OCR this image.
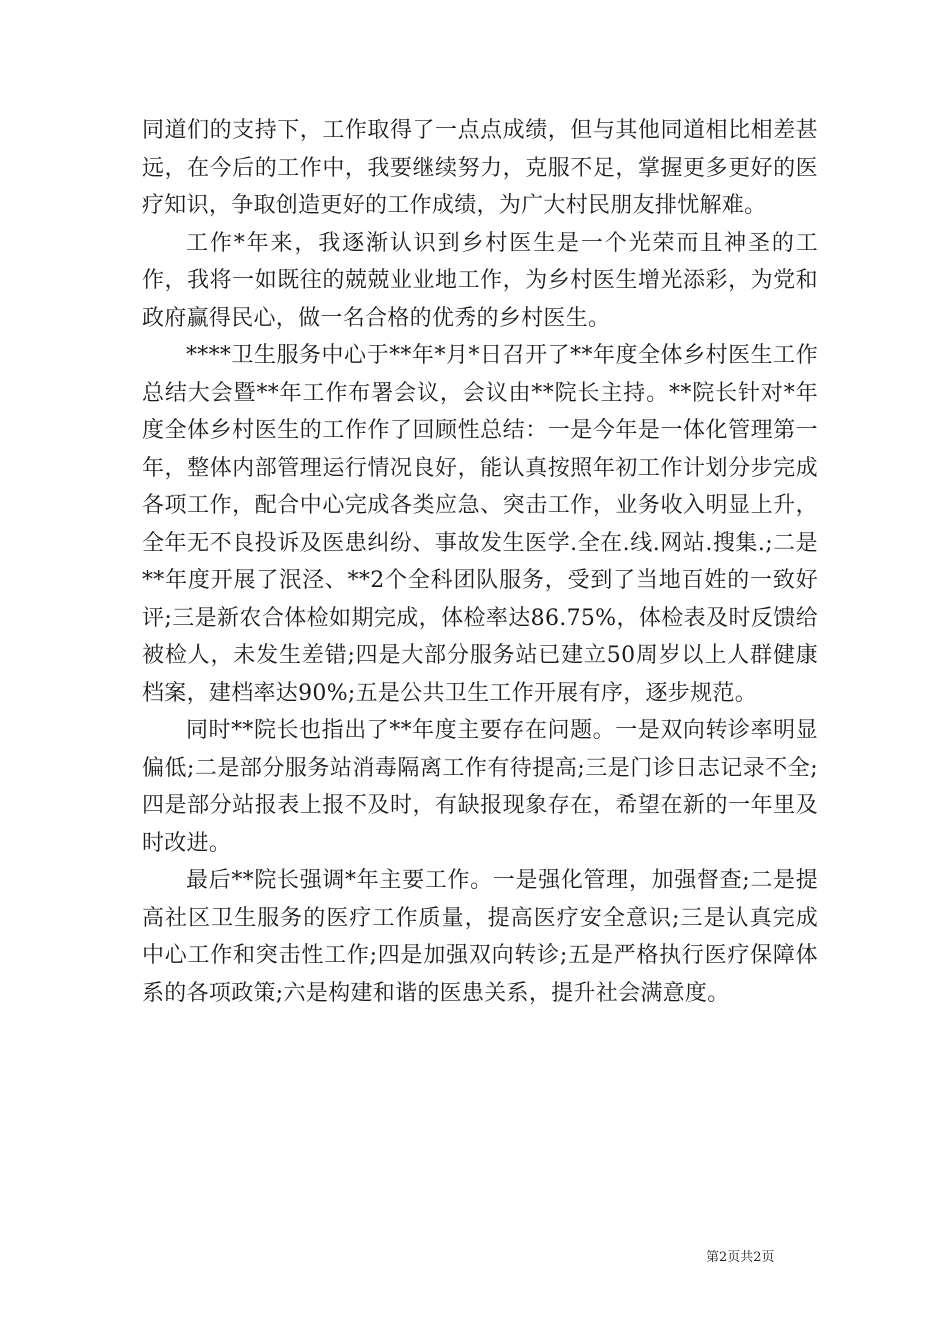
同道们的支持下，工作取得了一点点成绩，但与其他同道相比相差甚远，在今后的工作中，我要继续努力，克服不足，掌握更多更好的医疗知识，争取创造更好的工作成绩，为广大村民朋友排忧解难。

工作*年来，我逐渐认识到乡村医生是一个光荣而且神圣的工作，我将一如既往的兢兢业业地工作，为乡村医生增光添彩，为党和政府赢得民心，做一名合格的优秀的乡村医生。

****卫生服务中心于**年*月*日召开了**年度全体乡村医生工作总结大会暨**年工作布署会议，会议由**院长主持。**院长针对*年度全体乡村医生的工作作了回顾性总结：一是今年是一体化管理第一年，整体内部管理运行情况良好，能认真按照年初工作计划分步完成各项工作，配合中心完成各类应急、突击工作，业务收入明显上升，全年无不良投诉及医患纠纷、事故发生医学.全在.线.网站.搜集.;二是**年度开展了泯泾、**2个全科团队服务，受到了当地百姓的一致好评;三是新农合体检如期完成，体检率达86.75%，体检表及时反馈给被检人，未发生差错;四是大部分服务站已建立50周岁以上人群健康档案，建档率达90%;五是公共卫生工作开展有序，逐步规范。

同时**院长也指出了**年度主要存在问题。一是双向转诊率明显偏低;二是部分服务站消毒隔离工作有待提高;三是门诊日志记录不全;四是部分站报表上报不及时，有缺报现象存在，希望在新的一年里及时改进。

最后**院长强调*年主要工作。一是强化管理，加强督查;二是提高社区卫生服务的医疗工作质量，提高医疗安全意识;三是认真完成中心工作和突击性工作;四是加强双向转诊;五是严格执行医疗保障体系的各项政策;六是构建和谐的医患关系，提升社会满意度。

第2页共2页
